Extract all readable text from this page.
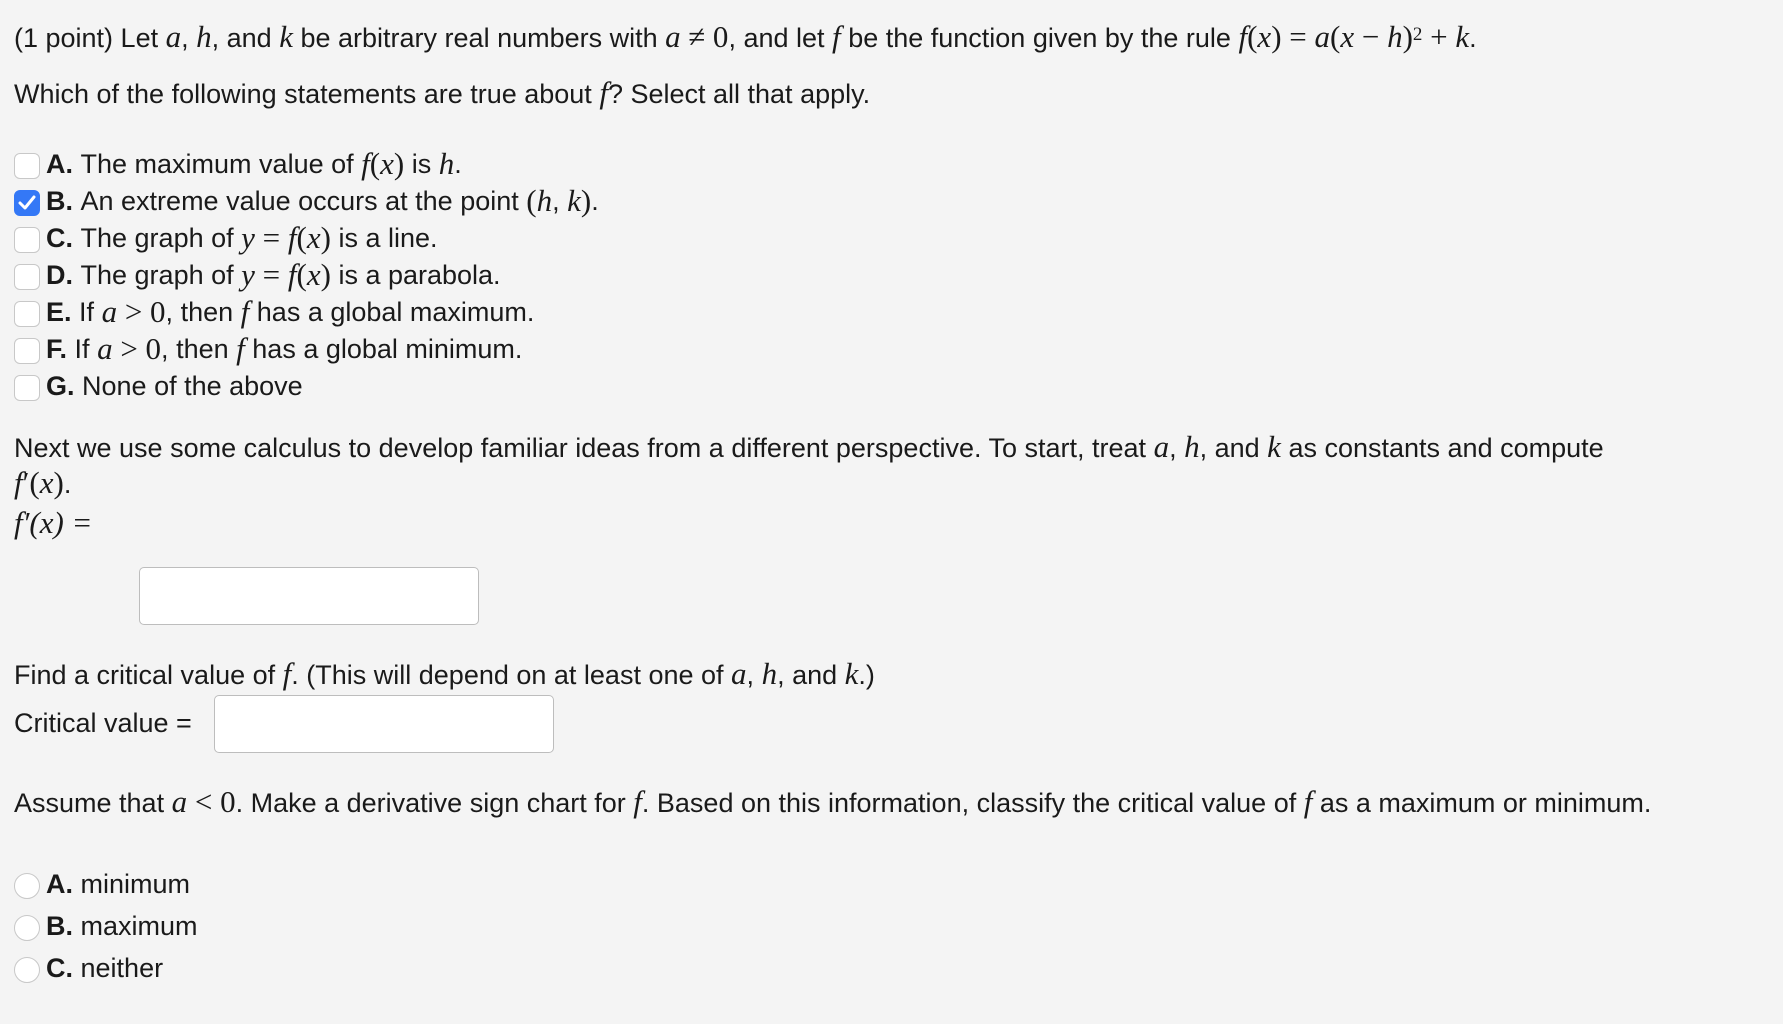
(1 point) Let a, h, and k be arbitrary real numbers with a ≠ 0, and let f be the function given by the rule $f(x) = a(x - h)^2 + k$.
Which of the following statements are true about f? Select all that apply.
A.
The maximum value of
f ( x )
is
h .
B.
An extreme value occurs at the point
( h , k ) .
C.
The graph of
y = f ( x )
is a line.
D.
The graph of
y = f ( x )
is a parabola.
E.
If
a > 0 , then
f
has a global maximum.
F.
If
a > 0 , then
f
has a global minimum.
G.
None of the above
Next we use some calculus to develop familiar ideas from a different perspective. To start, treat a, h, and k as constants and compute
f′(x).
f′(x) =
Find a critical value of f. (This will depend on at least one of a, h, and k.)
Critical value =
Assume that a < 0. Make a derivative sign chart for f. Based on this information, classify the critical value of f as a maximum or minimum.
A.
minimum
B.
maximum
C.
neither
